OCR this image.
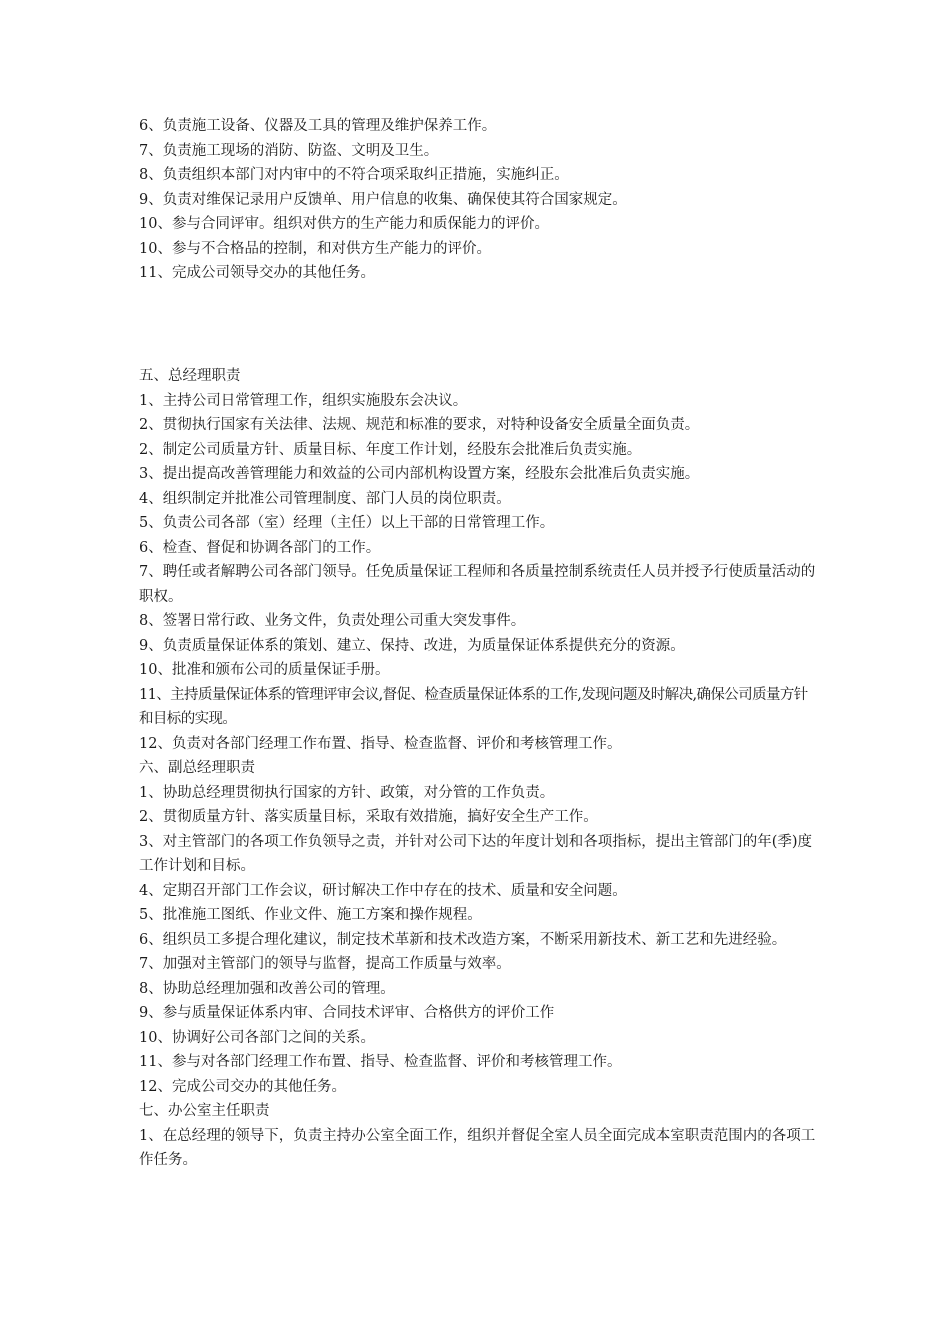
6、负责施工设备、仪器及工具的管理及维护保养工作。

7、负责施工现场的消防、防盗、文明及卫生。

8、负责组织本部门对内审中的不符合项采取纠正措施，实施纠正。

9、负责对维保记录用户反馈单、用户信息的收集、确保使其符合国家规定。

10、参与合同评审。组织对供方的生产能力和质保能力的评价。

10、参与不合格品的控制，和对供方生产能力的评价。

11、完成公司领导交办的其他任务。

五、总经理职责

1、主持公司日常管理工作，组织实施股东会决议。

2、贯彻执行国家有关法律、法规、规范和标准的要求，对特种设备安全质量全面负责。

2、制定公司质量方针、质量目标、年度工作计划，经股东会批准后负责实施。

3、提出提高改善管理能力和效益的公司内部机构设置方案，经股东会批准后负责实施。

4、组织制定并批准公司管理制度、部门人员的岗位职责。

5、负责公司各部（室）经理（主任）以上干部的日常管理工作。

6、检查、督促和协调各部门的工作。

7、聘任或者解聘公司各部门领导。任免质量保证工程师和各质量控制系统责任人员并授予行使质量活动的职权。

8、签署日常行政、业务文件，负责处理公司重大突发事件。

9、负责质量保证体系的策划、建立、保持、改进，为质量保证体系提供充分的资源。

10、批准和颁布公司的质量保证手册。

11、主持质量保证体系的管理评审会议,督促、检查质量保证体系的工作,发现问题及时解决,确保公司质量方针和目标的实现。

12、负责对各部门经理工作布置、指导、检查监督、评价和考核管理工作。

六、副总经理职责

1、协助总经理贯彻执行国家的方针、政策，对分管的工作负责。

2、贯彻质量方针、落实质量目标，采取有效措施，搞好安全生产工作。

3、对主管部门的各项工作负领导之责，并针对公司下达的年度计划和各项指标，提出主管部门的年(季)度工作计划和目标。

4、定期召开部门工作会议，研讨解决工作中存在的技术、质量和安全问题。

5、批准施工图纸、作业文件、施工方案和操作规程。

6、组织员工多提合理化建议，制定技术革新和技术改造方案，不断采用新技术、新工艺和先进经验。

7、加强对主管部门的领导与监督，提高工作质量与效率。

8、协助总经理加强和改善公司的管理。

9、参与质量保证体系内审、合同技术评审、合格供方的评价工作

10、协调好公司各部门之间的关系。

11、参与对各部门经理工作布置、指导、检查监督、评价和考核管理工作。

12、完成公司交办的其他任务。

七、办公室主任职责

1、在总经理的领导下，负责主持办公室全面工作，组织并督促全室人员全面完成本室职责范围内的各项工作任务。
